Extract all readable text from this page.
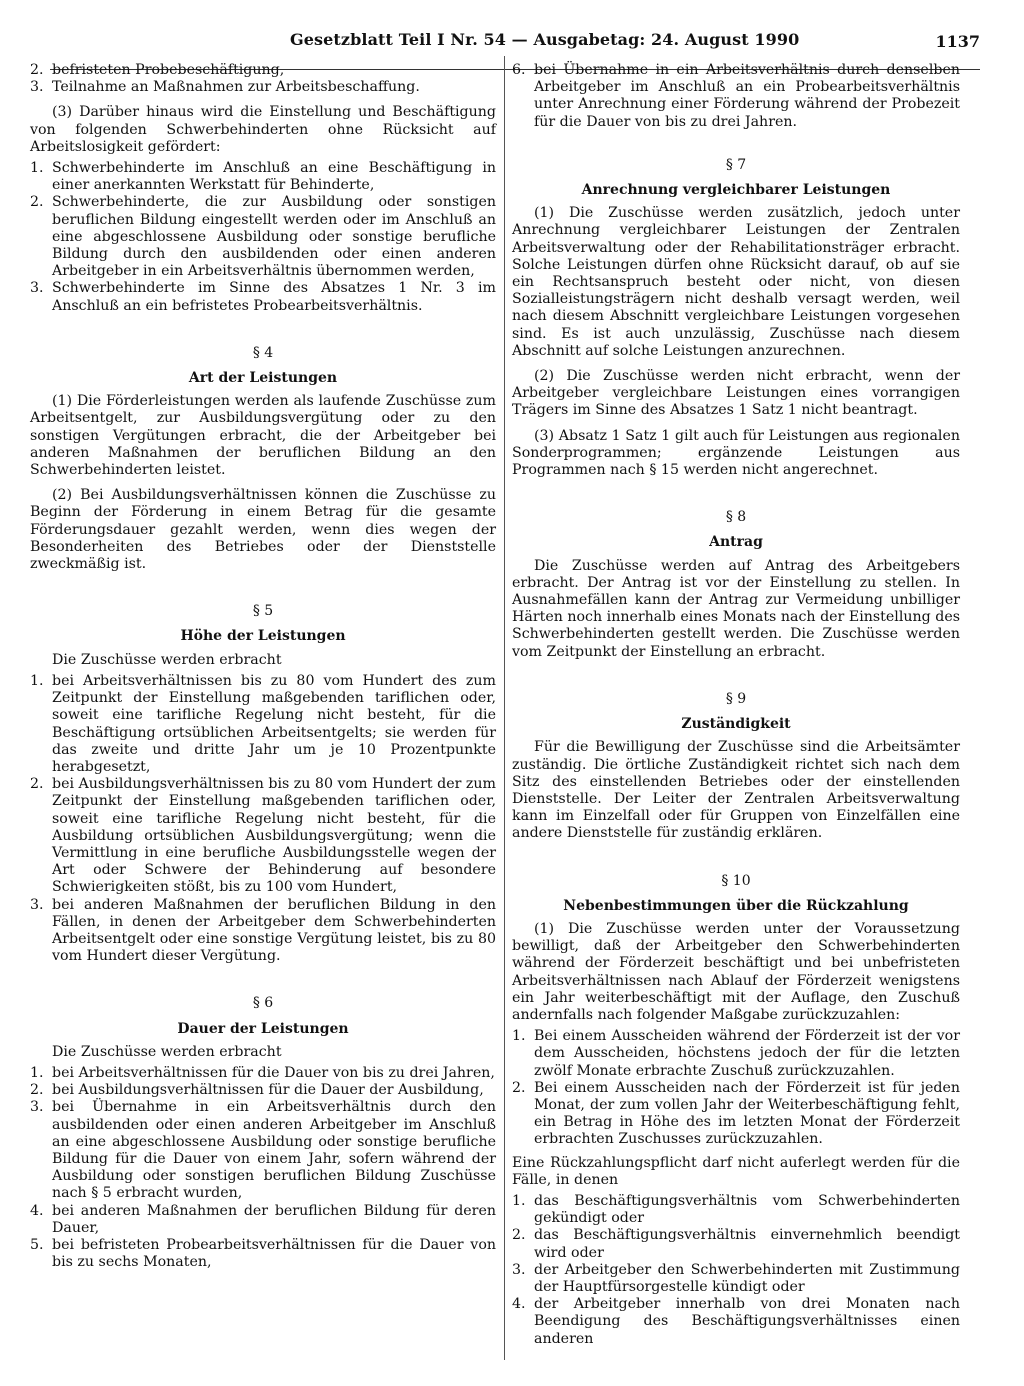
Gesetzblatt Teil I Nr. 54 — Ausgabetag: 24. August 1990	1137
2. befristeten Probebeschäftigung,
3. Teilnahme an Maßnahmen zur Arbeitsbeschaffung.

(3) Darüber hinaus wird die Einstellung und Beschäftigung von folgenden Schwerbehinderten ohne Rücksicht auf Arbeitslosigkeit gefördert:

1. Schwerbehinderte im Anschluß an eine Beschäftigung in einer anerkannten Werkstatt für Behinderte,
2. Schwerbehinderte, die zur Ausbildung oder sonstigen beruflichen Bildung eingestellt werden oder im Anschluß an eine abgeschlossene Ausbildung oder sonstige berufliche Bildung durch den ausbildenden oder einen anderen Arbeitgeber in ein Arbeitsverhältnis übernommen werden,
3. Schwerbehinderte im Sinne des Absatzes 1 Nr. 3 im Anschluß an ein befristetes Probearbeitsverhältnis.
§ 4
Art der Leistungen

(1) Die Förderleistungen werden als laufende Zuschüsse zum Arbeitsentgelt, zur Ausbildungsvergütung oder zu den sonstigen Vergütungen erbracht, die der Arbeitgeber bei anderen Maßnahmen der beruflichen Bildung an den Schwerbehinderten leistet.

(2) Bei Ausbildungsverhältnissen können die Zuschüsse zu Beginn der Förderung in einem Betrag für die gesamte Förderungsdauer gezahlt werden, wenn dies wegen der Besonderheiten des Betriebes oder der Dienststelle zweckmäßig ist.

§ 5
Höhe der Leistungen

Die Zuschüsse werden erbracht

1. bei Arbeitsverhältnissen bis zu 80 vom Hundert des zum Zeitpunkt der Einstellung maßgebenden tariflichen oder, soweit eine tarifliche Regelung nicht besteht, für die Beschäftigung ortsüblichen Arbeitsentgelts; sie werden für das zweite und dritte Jahr um je 10 Prozentpunkte herabgesetzt,
2. bei Ausbildungsverhältnissen bis zu 80 vom Hundert der zum Zeitpunkt der Einstellung maßgebenden tariflichen oder, soweit eine tarifliche Regelung nicht besteht, für die Ausbildung ortsüblichen Ausbildungsvergütung; wenn die Vermittlung in eine berufliche Ausbildungsstelle wegen der Art oder Schwere der Behinderung auf besondere Schwierigkeiten stößt, bis zu 100 vom Hundert,
3. bei anderen Maßnahmen der beruflichen Bildung in den Fällen, in denen der Arbeitgeber dem Schwerbehinderten Arbeitsentgelt oder eine sonstige Vergütung leistet, bis zu 80 vom Hundert dieser Vergütung.
§ 6
Dauer der Leistungen

Die Zuschüsse werden erbracht

1. bei Arbeitsverhältnissen für die Dauer von bis zu drei Jahren,
2. bei Ausbildungsverhältnissen für die Dauer der Ausbildung,
3. bei Übernahme in ein Arbeitsverhältnis durch den ausbildenden oder einen anderen Arbeitgeber im Anschluß an eine abgeschlossene Ausbildung oder sonstige berufliche Bildung für die Dauer von einem Jahr, sofern während der Ausbildung oder sonstigen beruflichen Bildung Zuschüsse nach § 5 erbracht wurden,
4. bei anderen Maßnahmen der beruflichen Bildung für deren Dauer,
5. bei befristeten Probearbeitsverhältnissen für die Dauer von bis zu sechs Monaten,
6. bei Übernahme in ein Arbeitsverhältnis durch denselben Arbeitgeber im Anschluß an ein Probearbeitsverhältnis unter Anrechnung einer Förderung während der Probezeit für die Dauer von bis zu drei Jahren.
§ 7
Anrechnung vergleichbarer Leistungen

(1) Die Zuschüsse werden zusätzlich, jedoch unter Anrechnung vergleichbarer Leistungen der Zentralen Arbeitsverwaltung oder der Rehabilitationsträger erbracht. Solche Leistungen dürfen ohne Rücksicht darauf, ob auf sie ein Rechtsanspruch besteht oder nicht, von diesen Sozialleistungsträgern nicht deshalb versagt werden, weil nach diesem Abschnitt vergleichbare Leistungen vorgesehen sind. Es ist auch unzulässig, Zuschüsse nach diesem Abschnitt auf solche Leistungen anzurechnen.

(2) Die Zuschüsse werden nicht erbracht, wenn der Arbeitgeber vergleichbare Leistungen eines vorrangigen Trägers im Sinne des Absatzes 1 Satz 1 nicht beantragt.

(3) Absatz 1 Satz 1 gilt auch für Leistungen aus regionalen Sonderprogrammen; ergänzende Leistungen aus Programmen nach § 15 werden nicht angerechnet.

§ 8
Antrag

Die Zuschüsse werden auf Antrag des Arbeitgebers erbracht. Der Antrag ist vor der Einstellung zu stellen. In Ausnahmefällen kann der Antrag zur Vermeidung unbilliger Härten noch innerhalb eines Monats nach der Einstellung des Schwerbehinderten gestellt werden. Die Zuschüsse werden vom Zeitpunkt der Einstellung an erbracht.

§ 9
Zuständigkeit

Für die Bewilligung der Zuschüsse sind die Arbeitsämter zuständig. Die örtliche Zuständigkeit richtet sich nach dem Sitz des einstellenden Betriebes oder der einstellenden Dienststelle. Der Leiter der Zentralen Arbeitsverwaltung kann im Einzelfall oder für Gruppen von Einzelfällen eine andere Dienststelle für zuständig erklären.

§ 10
Nebenbestimmungen über die Rückzahlung

(1) Die Zuschüsse werden unter der Voraussetzung bewilligt, daß der Arbeitgeber den Schwerbehinderten während der Förderzeit beschäftigt und bei unbefristeten Arbeitsverhältnissen nach Ablauf der Förderzeit wenigstens ein Jahr weiterbeschäftigt mit der Auflage, den Zuschuß andernfalls nach folgender Maßgabe zurückzuzahlen:

1. Bei einem Ausscheiden während der Förderzeit ist der vor dem Ausscheiden, höchstens jedoch der für die letzten zwölf Monate erbrachte Zuschuß zurückzuzahlen.
2. Bei einem Ausscheiden nach der Förderzeit ist für jeden Monat, der zum vollen Jahr der Weiterbeschäftigung fehlt, ein Betrag in Höhe des im letzten Monat der Förderzeit erbrachten Zuschusses zurückzuzahlen.

Eine Rückzahlungspflicht darf nicht auferlegt werden für die Fälle, in denen

1. das Beschäftigungsverhältnis vom Schwerbehinderten gekündigt oder
2. das Beschäftigungsverhältnis einvernehmlich beendigt wird oder
3. der Arbeitgeber den Schwerbehinderten mit Zustimmung der Hauptfürsorgestelle kündigt oder
4. der Arbeitgeber innerhalb von drei Monaten nach Beendigung des Beschäftigungsverhältnisses einen anderen
